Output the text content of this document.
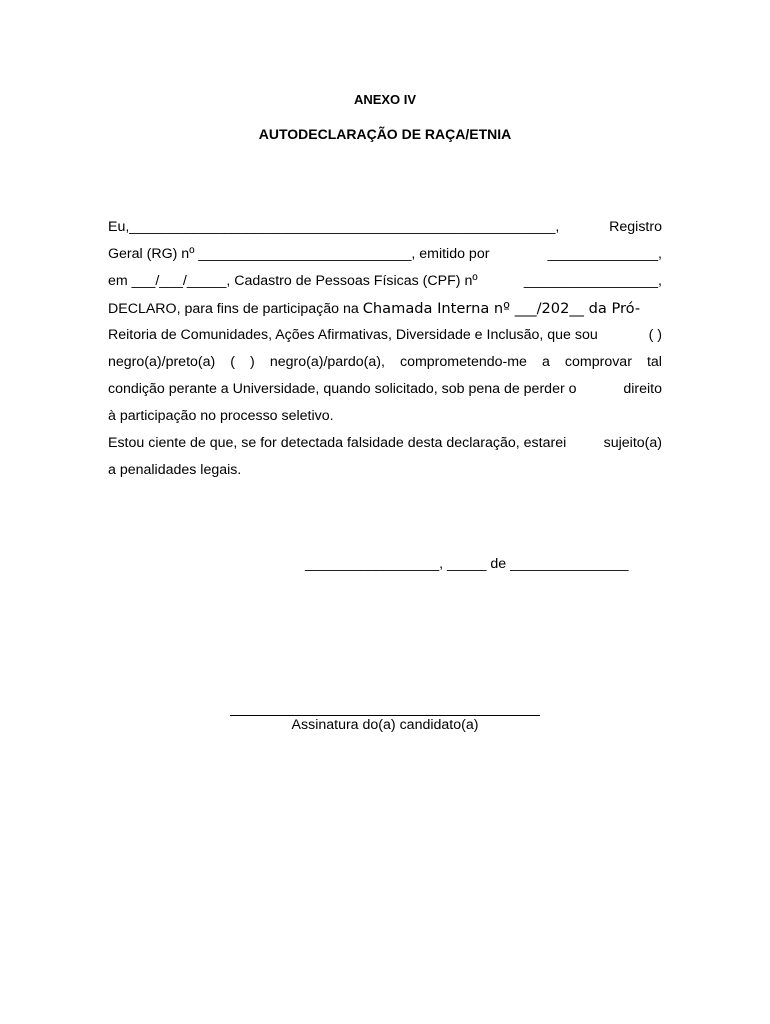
ANEXO IV
AUTODECLARAÇÃO DE RAÇA/ETNIA
Eu,______________________________________________________,	Registro
Geral (RG) nº ___________________________, emitido por	______________,
em ___/___/_____, Cadastro de Pessoas Físicas (CPF) nº	_________________,
DECLARO, para fins de participação na Chamada Interna nº ___/202__ da Pró-
Reitoria de Comunidades, Ações Afirmativas, Diversidade e Inclusão, que sou	( )
negro(a)/preto(a) ( ) negro(a)/pardo(a), comprometendo-me a comprovar tal
condição perante a Universidade, quando solicitado, sob pena de perder o	direito
à participação no processo seletivo.
Estou ciente de que, se for detectada falsidade desta declaração, estarei	sujeito(a)
a penalidades legais.
_________________, _____ de _______________
Assinatura do(a) candidato(a)
